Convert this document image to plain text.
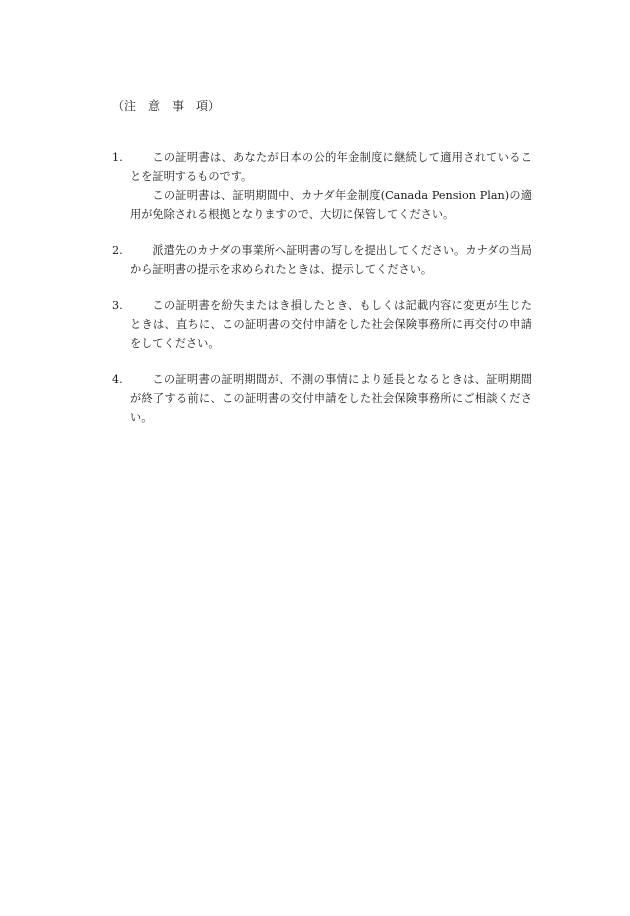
（注　意　事　項）
1.	この証明書は、あなたが日本の公的年金制度に継続して適用されていることを証明するものです。
この証明書は、証明期間中、カナダ年金制度(Canada Pension Plan)の適用が免除される根拠となりますので、大切に保管してください。
2.	派遣先のカナダの事業所へ証明書の写しを提出してください。カナダの当局から証明書の提示を求められたときは、提示してください。
3.	この証明書を紛失またはき損したとき、もしくは記載内容に変更が生じたときは、直ちに、この証明書の交付申請をした社会保険事務所に再交付の申請をしてください。
4.	この証明書の証明期間が、不測の事情により延長となるときは、証明期間が終了する前に、この証明書の交付申請をした社会保険事務所にご相談ください。
